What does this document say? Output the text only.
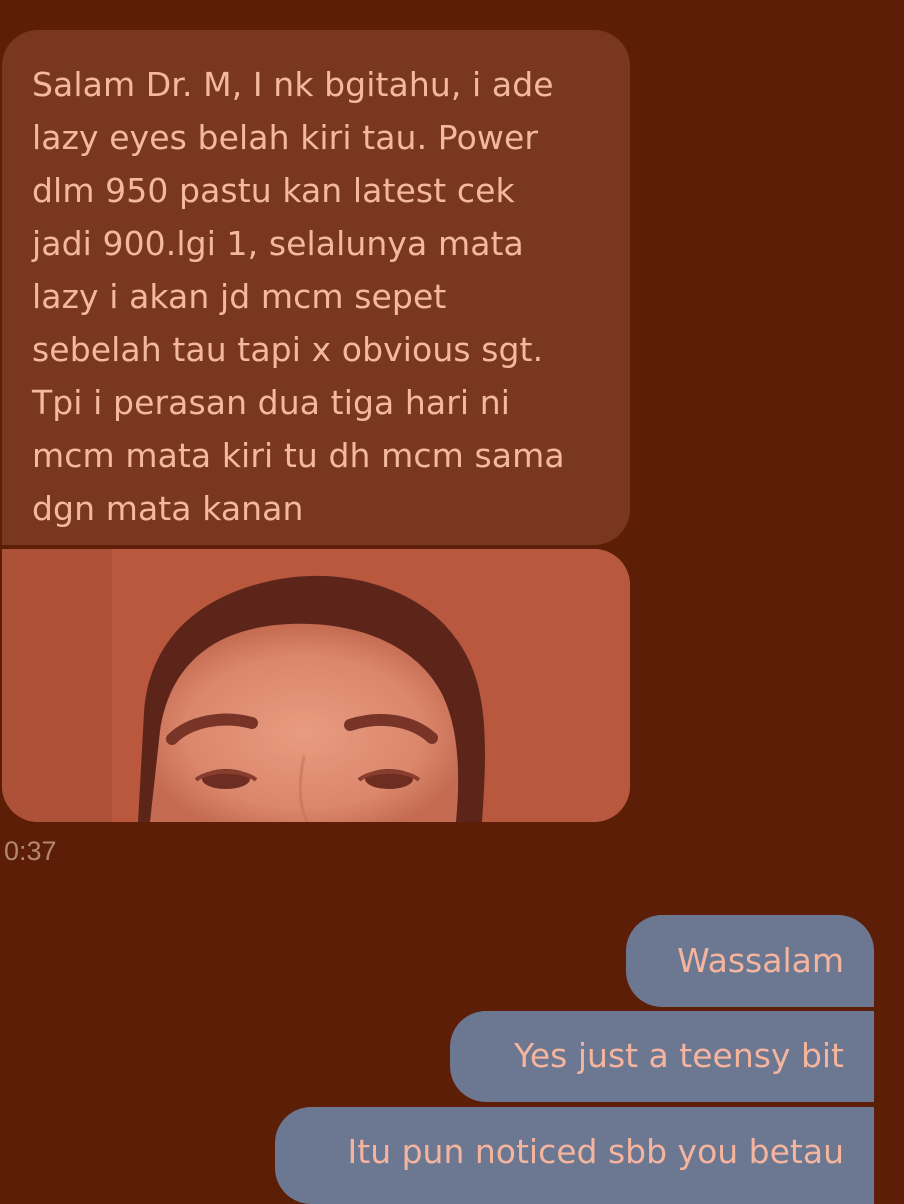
Salam Dr. M, I nk bgitahu, i ade
lazy eyes belah kiri tau. Power
dlm 950 pastu kan latest cek
jadi 900.lgi 1, selalunya mata
lazy i akan jd mcm sepet
sebelah tau tapi x obvious sgt.
Tpi i perasan dua tiga hari ni
mcm mata kiri tu dh mcm sama
dgn mata kanan

0:37
Wassalam
Yes just a teensy bit
Itu pun noticed sbb you betau
